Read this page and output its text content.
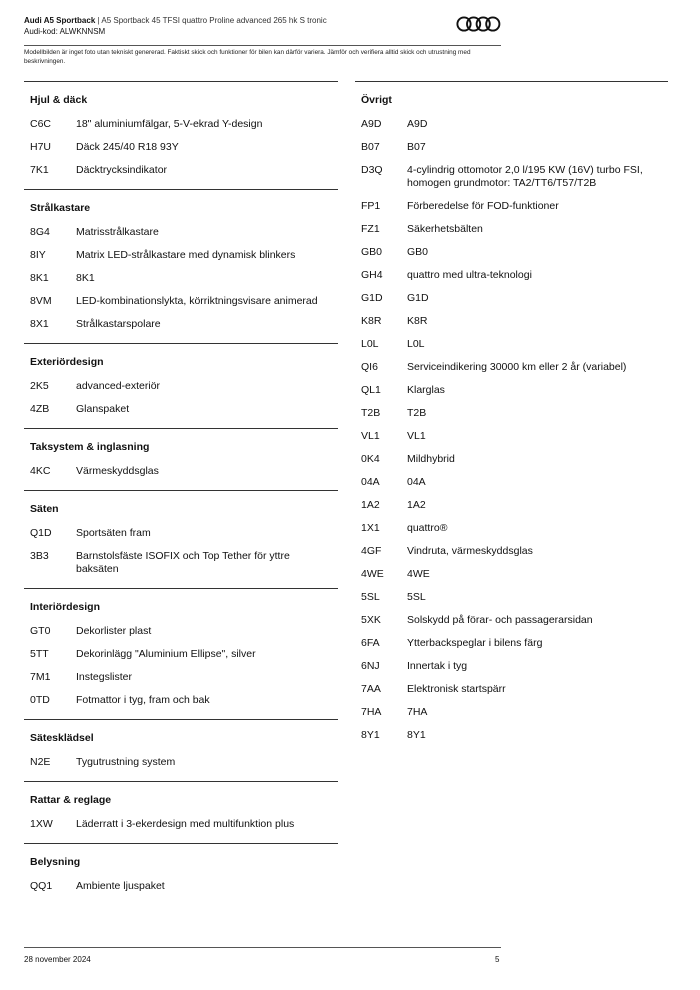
Audi A5 Sportback | A5 Sportback 45 TFSI quattro Proline advanced 265 hk S tronic
Audi-kod: ALWKNNSM
Modellbilden är inget foto utan tekniskt genererad. Faktiskt skick och funktioner för bilen kan därför variera. Jämför och verifiera alltid skick och utrustning med beskrivningen.
Hjul & däck
C6C	18" aluminiumfälgar, 5-V-ekrad Y-design
H7U	Däck 245/40 R18 93Y
7K1	Däcktrycksindikator
Strålkastare
8G4	Matrisstrålkastare
8IY	Matrix LED-strålkastare med dynamisk blinkers
8K1	8K1
8VM	LED-kombinationslykta, körriktningsvisare animerad
8X1	Strålkastarspolare
Exteriördesign
2K5	advanced-exteriör
4ZB	Glanspaket
Taksystem & inglasning
4KC	Värmeskyddsglas
Säten
Q1D	Sportsäten fram
3B3	Barnstolsfäste ISOFIX och Top Tether för yttre baksäten
Interiördesign
GT0	Dekorlister plast
5TT	Dekorinlägg "Aluminium Ellipse", silver
7M1	Instegslister
0TD	Fotmattor i tyg, fram och bak
Sätesklädsel
N2E	Tygutrustning system
Rattar & reglage
1XW	Läderratt i 3-ekerdesign med multifunktion plus
Belysning
QQ1	Ambiente ljuspaket
Övrigt
A9D	A9D
B07	B07
D3Q	4-cylindrig ottomotor 2,0 l/195 KW (16V) turbo FSI, homogen grundmotor: TA2/TT6/T57/T2B
FP1	Förberedelse för FOD-funktioner
FZ1	Säkerhetsbälten
GB0	GB0
GH4	quattro med ultra-teknologi
G1D	G1D
K8R	K8R
L0L	L0L
QI6	Serviceindikering 30000 km eller 2 år (variabel)
QL1	Klarglas
T2B	T2B
VL1	VL1
0K4	Mildhybrid
04A	04A
1A2	1A2
1X1	quattro®
4GF	Vindruta, värmeskyddsglas
4WE	4WE
5SL	5SL
5XK	Solskydd på förar- och passagerarsidan
6FA	Ytterbackspeglar i bilens färg
6NJ	Innertak i tyg
7AA	Elektronisk startspärr
7HA	7HA
8Y1	8Y1
28 november 2024	5
